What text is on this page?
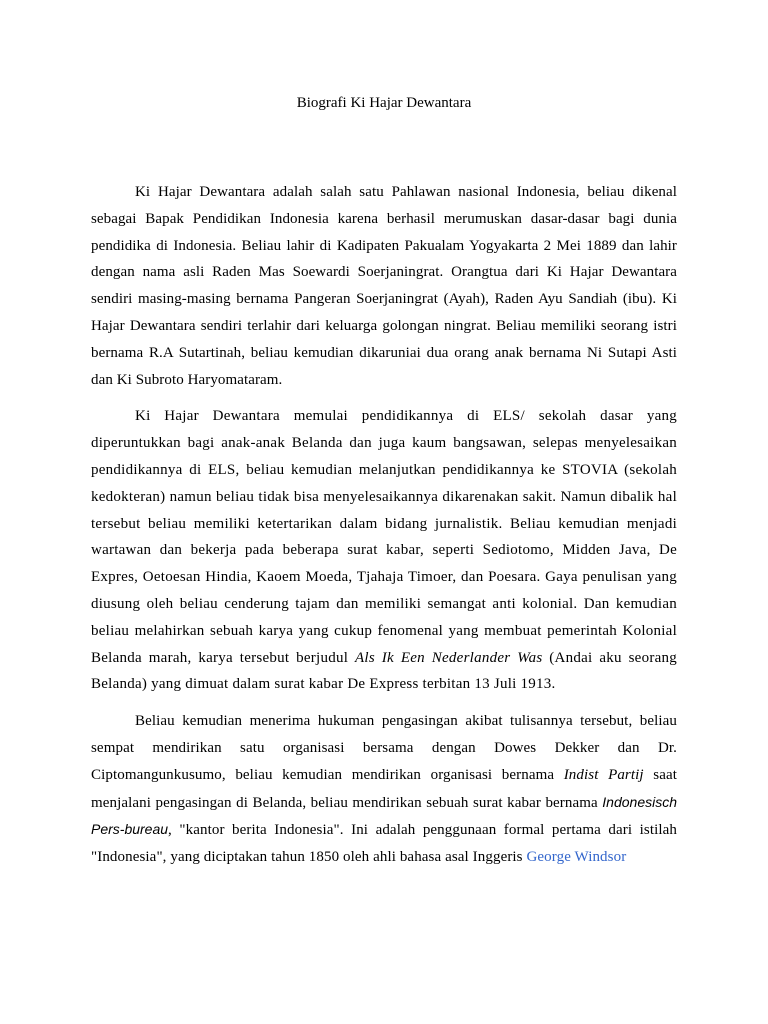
Biografi Ki Hajar Dewantara

Ki Hajar Dewantara adalah salah satu Pahlawan nasional Indonesia, beliau dikenal sebagai Bapak Pendidikan Indonesia karena berhasil merumuskan dasar-dasar bagi dunia pendidika di Indonesia. Beliau lahir di Kadipaten Pakualam Yogyakarta 2 Mei 1889 dan lahir dengan nama asli Raden Mas Soewardi Soerjaningrat. Orangtua dari Ki Hajar Dewantara sendiri masing-masing bernama Pangeran Soerjaningrat (Ayah), Raden Ayu Sandiah (ibu). Ki Hajar Dewantara sendiri terlahir dari keluarga golongan ningrat. Beliau memiliki seorang istri bernama R.A Sutartinah, beliau kemudian dikaruniai dua orang anak bernama Ni Sutapi Asti dan Ki Subroto Haryomataram.

Ki Hajar Dewantara memulai pendidikannya di ELS/ sekolah dasar yang diperuntukkan bagi anak-anak Belanda dan juga kaum bangsawan, selepas menyelesaikan pendidikannya di ELS, beliau kemudian melanjutkan pendidikannya ke STOVIA (sekolah kedokteran) namun beliau tidak bisa menyelesaikannya dikarenakan sakit. Namun dibalik hal tersebut beliau memiliki ketertarikan dalam bidang jurnalistik. Beliau kemudian menjadi wartawan dan bekerja pada beberapa surat kabar, seperti Sediotomo, Midden Java, De Expres, Oetoesan Hindia, Kaoem Moeda, Tjahaja Timoer, dan Poesara. Gaya penulisan yang diusung oleh beliau cenderung tajam dan memiliki semangat anti kolonial. Dan kemudian beliau melahirkan sebuah karya yang cukup fenomenal yang membuat pemerintah Kolonial Belanda marah, karya tersebut berjudul Als Ik Een Nederlander Was (Andai aku seorang Belanda) yang dimuat dalam surat kabar De Express terbitan 13 Juli 1913.

Beliau kemudian menerima hukuman pengasingan akibat tulisannya tersebut, beliau sempat mendirikan satu organisasi bersama dengan Dowes Dekker dan Dr. Ciptomangunkusumo, beliau kemudian mendirikan organisasi bernama Indist Partij saat menjalani pengasingan di Belanda, beliau mendirikan sebuah surat kabar bernama Indonesisch Pers-bureau, "kantor berita Indonesia". Ini adalah penggunaan formal pertama dari istilah "Indonesia", yang diciptakan tahun 1850 oleh ahli bahasa asal Inggeris George Windsor
